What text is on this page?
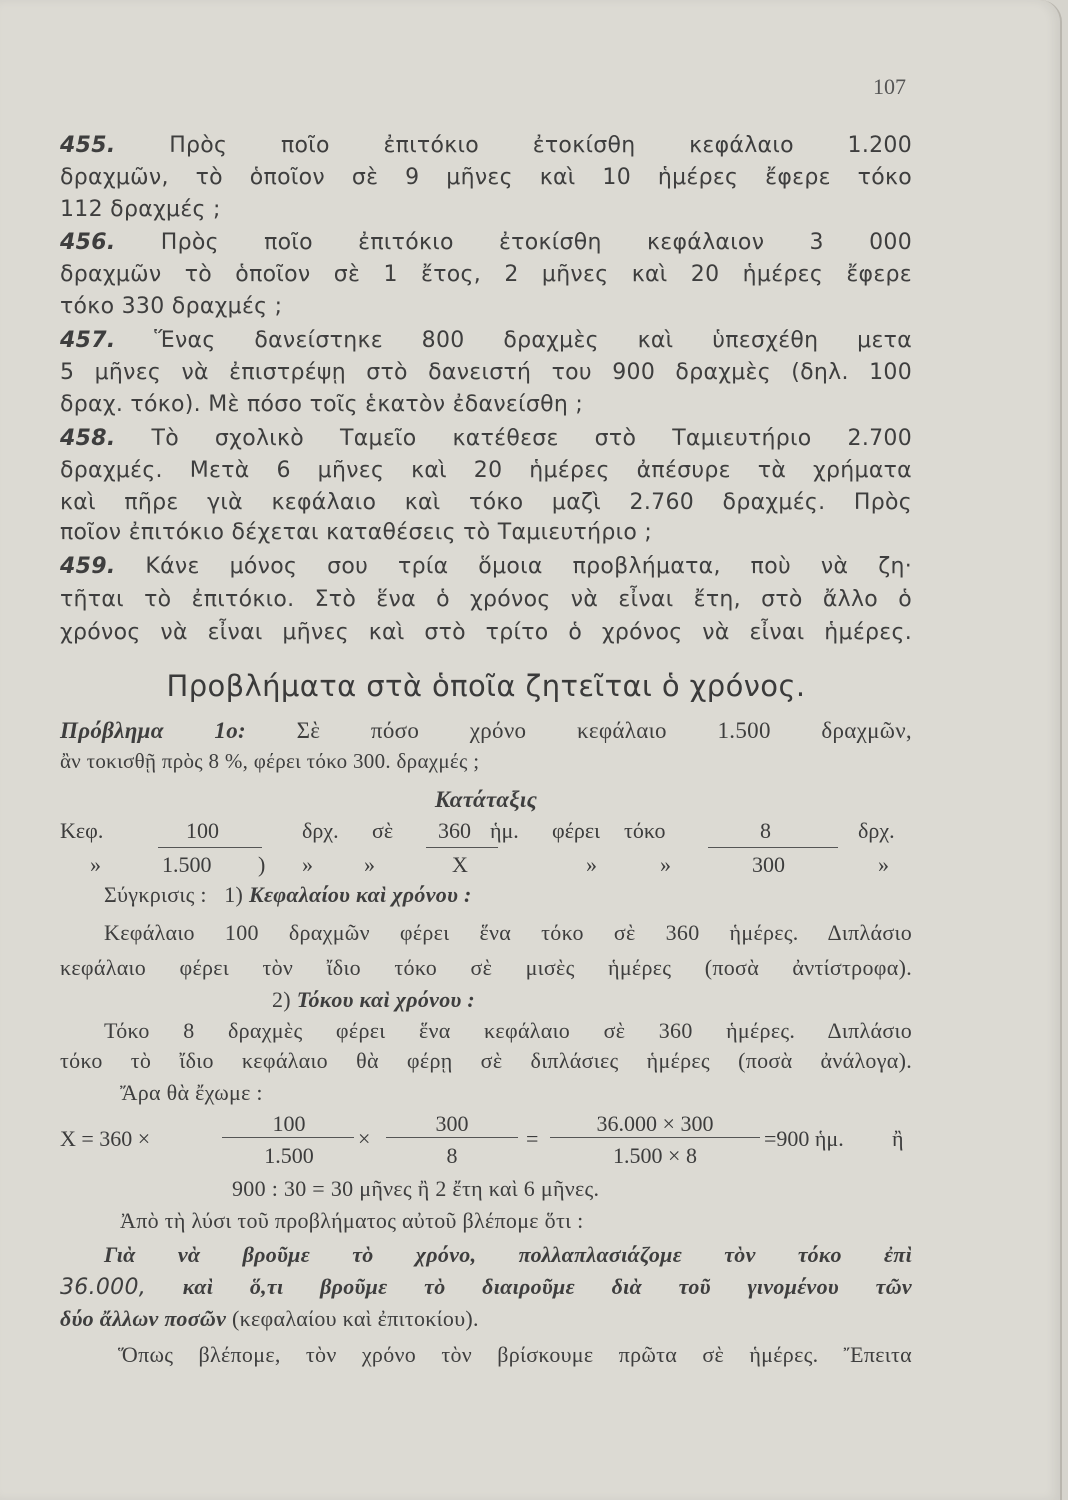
107
455. Πρὸς ποῖο ἐπιτόκιο ἐτοκίσθη κεφάλαιο 1.200
δραχμῶν, τὸ ὁποῖον σὲ 9 μῆνες καὶ 10 ἡμέρες ἔφερε τόκο
112 δραχμές ;
456. Πρὸς ποῖο ἐπιτόκιο ἐτοκίσθη κεφάλαιον 3 000
δραχμῶν τὸ ὁποῖον σὲ 1 ἔτος, 2 μῆνες καὶ 20 ἡμέρες ἔφερε
τόκο 330 δραχμές ;
457. Ἕνας δανείστηκε 800 δραχμὲς καὶ ὑπεσχέθη μετα
5 μῆνες νὰ ἐπιστρέψῃ στὸ δανειστή του 900 δραχμὲς (δηλ. 100
δραχ. τόκο). Μὲ πόσο τοῖς ἑκατὸν ἐδανείσθη ;
458. Τὸ σχολικὸ Ταμεῖο κατέθεσε στὸ Ταμιευτήριο 2.700
δραχμές. Μετὰ 6 μῆνες καὶ 20 ἡμέρες ἀπέσυρε τὰ χρήματα
καὶ πῆρε γιὰ κεφάλαιο καὶ τόκο μαζὶ 2.760 δραχμές. Πρὸς
ποῖον ἐπιτόκιο δέχεται καταθέσεις τὸ Ταμιευτήριο ;
459. Κάνε μόνος σου τρία ὅμοια προβλήματα, ποὺ νὰ ζη·
τῆται τὸ ἐπιτόκιο. Στὸ ἕνα ὁ χρόνος νὰ εἶναι ἔτη, στὸ ἄλλο ὁ
χρόνος νὰ εἶναι μῆνες καὶ στὸ τρίτο ὁ χρόνος νὰ εἶναι ἡμέρες.
Προβλήματα στὰ ὁποῖα ζητεῖται ὁ χρόνος.
Πρόβλημα 1ο: Σὲ πόσο χρόνο κεφάλαιο 1.500 δραχμῶν,
ἂν τοκισθῇ πρὸς 8 %, φέρει τόκο 300. δραχμές ;
Κατάταξις
Κεφ.	100	δρχ. σὲ 360 ἡμ. φέρει τόκο	8	δρχ.
»	1.500 ) » »	X	»	»	300	»
Σύγκρισις : 1) Κεφαλαίου καὶ χρόνου :
Κεφάλαιο 100 δραχμῶν φέρει ἕνα τόκο σὲ 360 ἡμέρες. Διπλάσιο
κεφάλαιο φέρει τὸν ἴδιο τόκο σὲ μισὲς ἡμέρες (ποσὰ ἀντίστροφα).
2) Τόκου καὶ χρόνου :
Τόκο 8 δραχμὲς φέρει ἕνα κεφάλαιο σὲ 360 ἡμέρες. Διπλάσιο
τόκο τὸ ἴδιο κεφάλαιο θὰ φέρῃ σὲ διπλάσιες ἡμέρες (ποσὰ ἀνάλογα).
Ἄρα θὰ ἔχωμε :
X = 360 ×
100
1.500
×
300
8
=
36.000 × 300
1.500 × 8
=900 ἡμ. ἢ
900 : 30 = 30 μῆνες ἢ 2 ἔτη καὶ 6 μῆνες.
Ἀπὸ τὴ λύσι τοῦ προβλήματος αὐτοῦ βλέπομε ὅτι :
Γιὰ νὰ βροῦμε τὸ χρόνο, πολλαπλασιάζομε τὸν τόκο ἐπὶ
36.000, καὶ ὅ,τι βροῦμε τὸ διαιροῦμε διὰ τοῦ γινομένου τῶν
δύο ἄλλων ποσῶν (κεφαλαίου καὶ ἐπιτοκίου).
Ὅπως βλέπομε, τὸν χρόνο τὸν βρίσκουμε πρῶτα σὲ ἡμέρες. Ἔπειτα
